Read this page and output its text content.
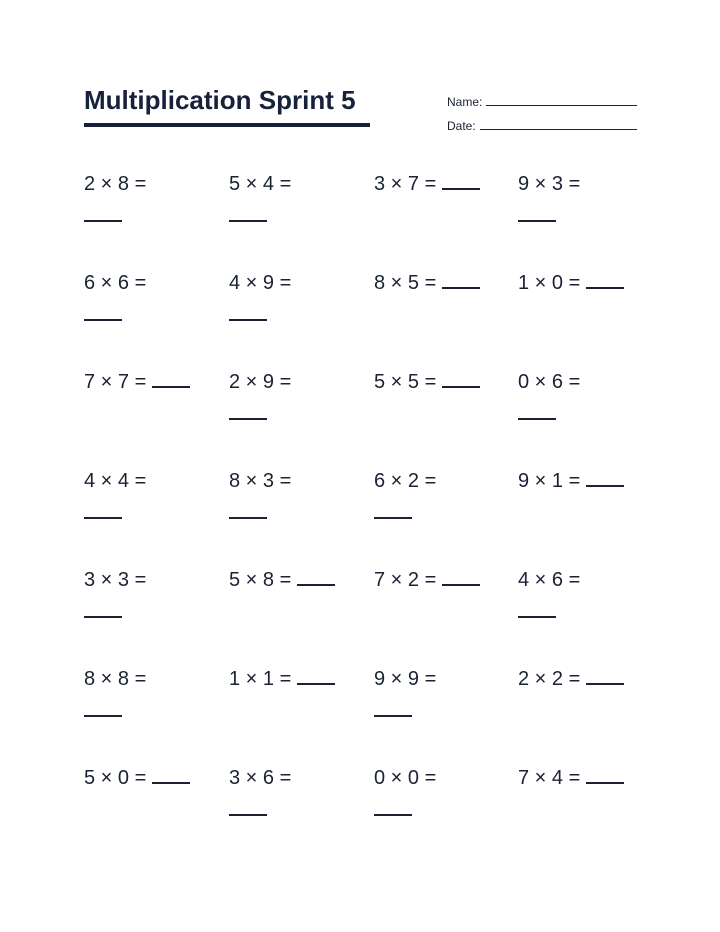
Multiplication Sprint 5	Name:
Date:
2 × 8 =	5 × 4 =	3 × 7 =	9 × 3 =

6 × 6 =	4 × 9 =	8 × 5 =	1 × 0 =
7 × 7 =	2 × 9 =	5 × 5 =	0 × 6 =

4 × 4 =	8 × 3 =	6 × 2 =	9 × 1 =
3 × 3 =	5 × 8 =	7 × 2 =	4 × 6 =

8 × 8 =	1 × 1 =	9 × 9 =	2 × 2 =
5 × 0 =	3 × 6 =	0 × 0 =	7 × 4 =
